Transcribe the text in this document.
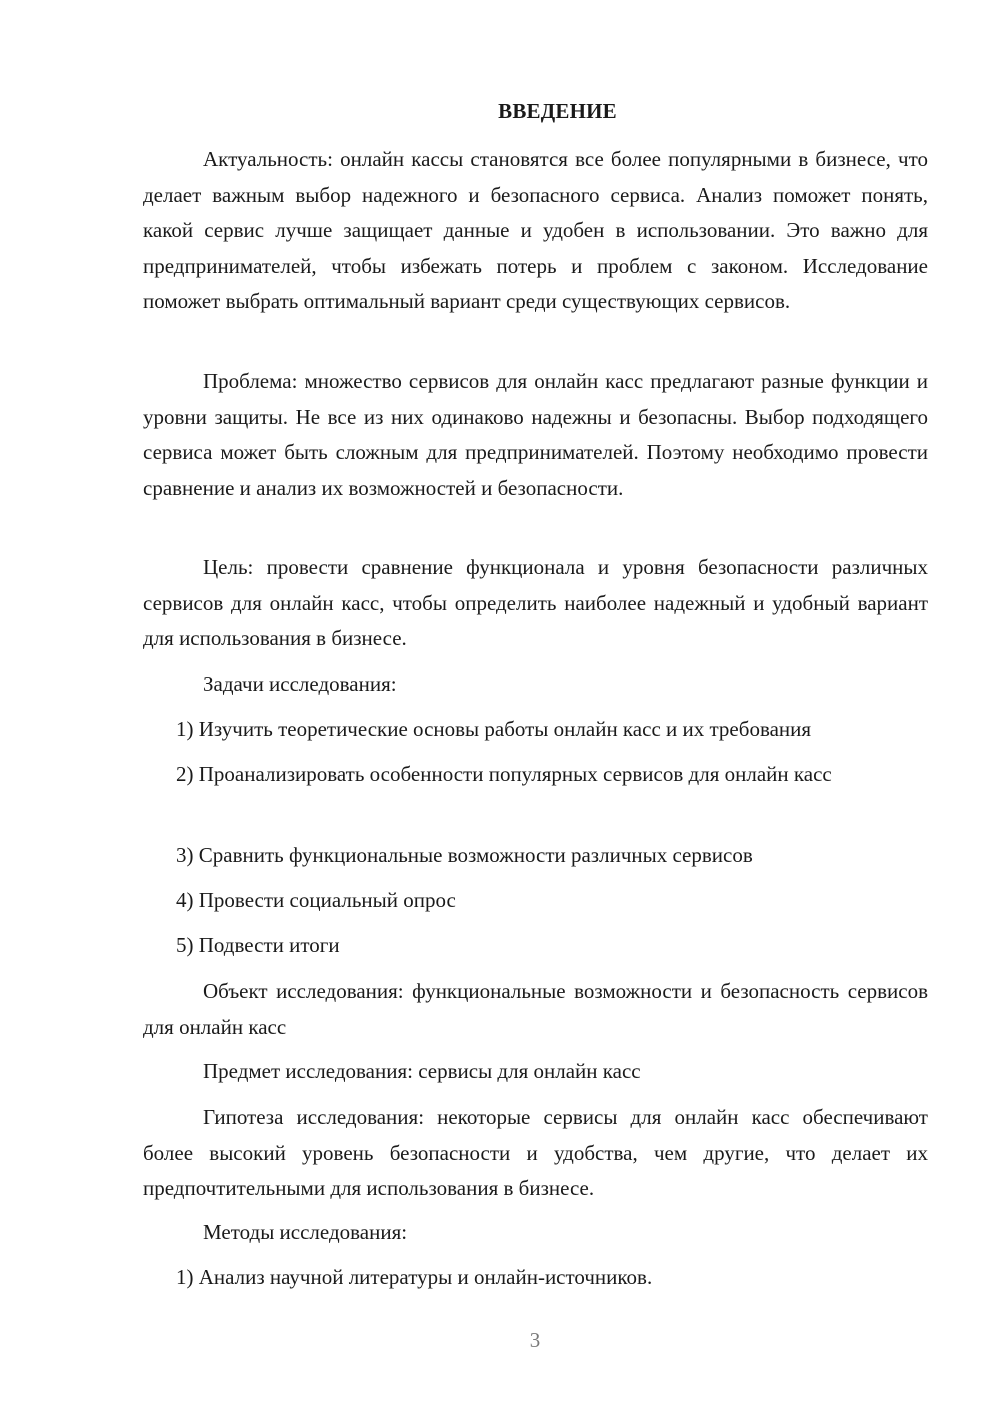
ВВЕДЕНИЕ

Актуальность: онлайн кассы становятся все более популярными в бизнесе, что делает важным выбор надежного и безопасного сервиса. Анализ поможет понять, какой сервис лучше защищает данные и удобен в использовании. Это важно для предпринимателей, чтобы избежать потерь и проблем с законом. Исследование поможет выбрать оптимальный вариант среди существующих сервисов.

Проблема: множество сервисов для онлайн касс предлагают разные функции и уровни защиты. Не все из них одинаково надежны и безопасны. Выбор подходящего сервиса может быть сложным для предпринимателей. Поэтому необходимо провести сравнение и анализ их возможностей и безопасности.

Цель: провести сравнение функционала и уровня безопасности различных сервисов для онлайн касс, чтобы определить наиболее надежный и удобный вариант для использования в бизнесе.

Задачи исследования:

1) Изучить теоретические основы работы онлайн касс и их требования

2) Проанализировать особенности популярных сервисов для онлайн касс

3) Сравнить функциональные возможности различных сервисов

4) Провести социальный опрос

5) Подвести итоги

Объект исследования: функциональные возможности и безопасность сервисов для онлайн касс

Предмет исследования: сервисы для онлайн касс

Гипотеза исследования: некоторые сервисы для онлайн касс обеспечивают более высокий уровень безопасности и удобства, чем другие, что делает их предпочтительными для использования в бизнесе.

Методы исследования:

1) Анализ научной литературы и онлайн-источников.

3
